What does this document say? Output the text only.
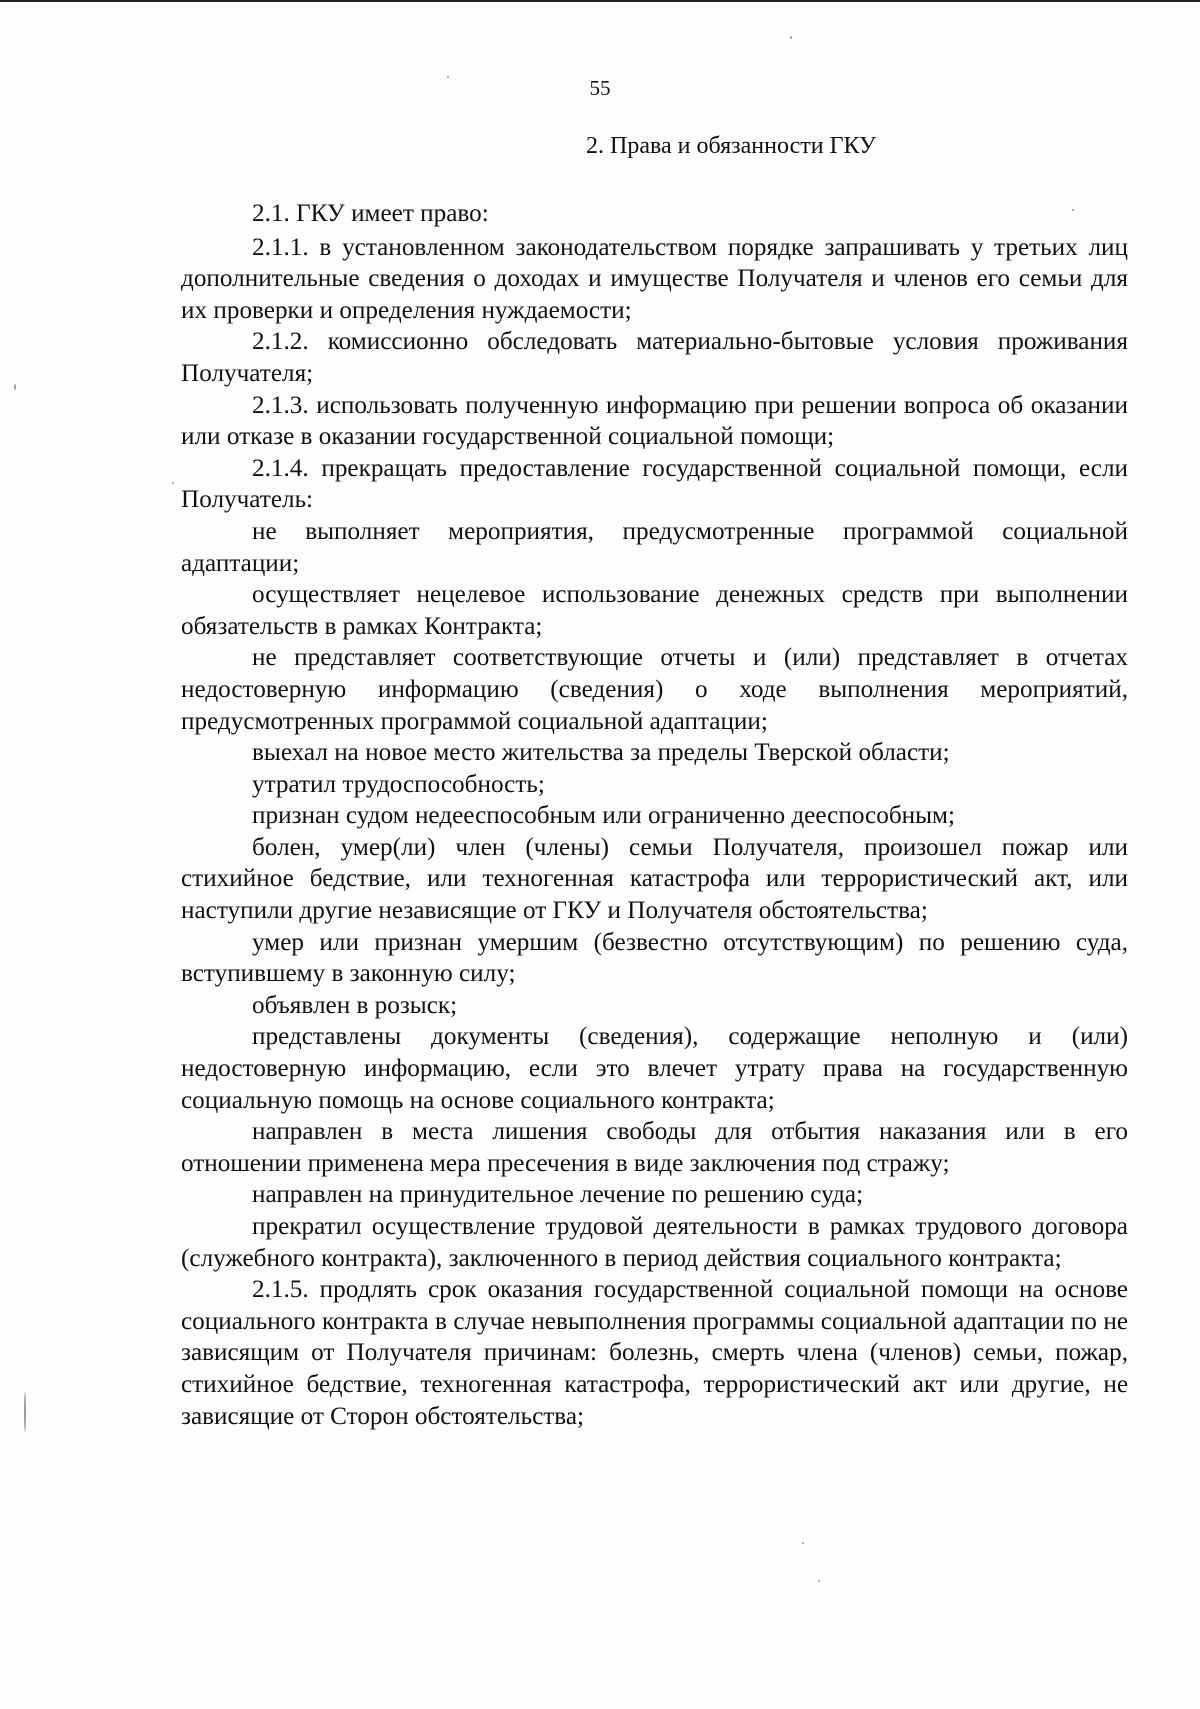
55
2. Права и обязанности ГКУ

2.1. ГКУ имеет право:

2.1.1. в установленном законодательством порядке запрашивать у третьих лиц дополнительные сведения о доходах и имуществе Получателя и членов его семьи для их проверки и определения нуждаемости;

2.1.2. комиссионно обследовать материально-бытовые условия проживания Получателя;

2.1.3. использовать полученную информацию при решении вопроса об оказании или отказе в оказании государственной социальной помощи;

2.1.4. прекращать предоставление государственной социальной помощи, если Получатель:

не выполняет мероприятия, предусмотренные программой социальной адаптации;

осуществляет нецелевое использование денежных средств при выполнении обязательств в рамках Контракта;

не представляет соответствующие отчеты и (или) представляет в отчетах недостоверную информацию (сведения) о ходе выполнения мероприятий, предусмотренных программой социальной адаптации;

выехал на новое место жительства за пределы Тверской области;

утратил трудоспособность;

признан судом недееспособным или ограниченно дееспособным;

болен, умер(ли) член (члены) семьи Получателя, произошел пожар или стихийное бедствие, или техногенная катастрофа или террористический акт, или наступили другие независящие от ГКУ и Получателя обстоятельства;

умер или признан умершим (безвестно отсутствующим) по решению суда, вступившему в законную силу;

объявлен в розыск;

представлены документы (сведения), содержащие неполную и (или) недостоверную информацию, если это влечет утрату права на государственную социальную помощь на основе социального контракта;

направлен в места лишения свободы для отбытия наказания или в его отношении применена мера пресечения в виде заключения под стражу;

направлен на принудительное лечение по решению суда;

прекратил осуществление трудовой деятельности в рамках трудового договора (служебного контракта), заключенного в период действия социального контракта;

2.1.5. продлять срок оказания государственной социальной помощи на основе социального контракта в случае невыполнения программы социальной адаптации по не зависящим от Получателя причинам: болезнь, смерть члена (членов) семьи, пожар, стихийное бедствие, техногенная катастрофа, террористический акт или другие, не зависящие от Сторон обстоятельства;
